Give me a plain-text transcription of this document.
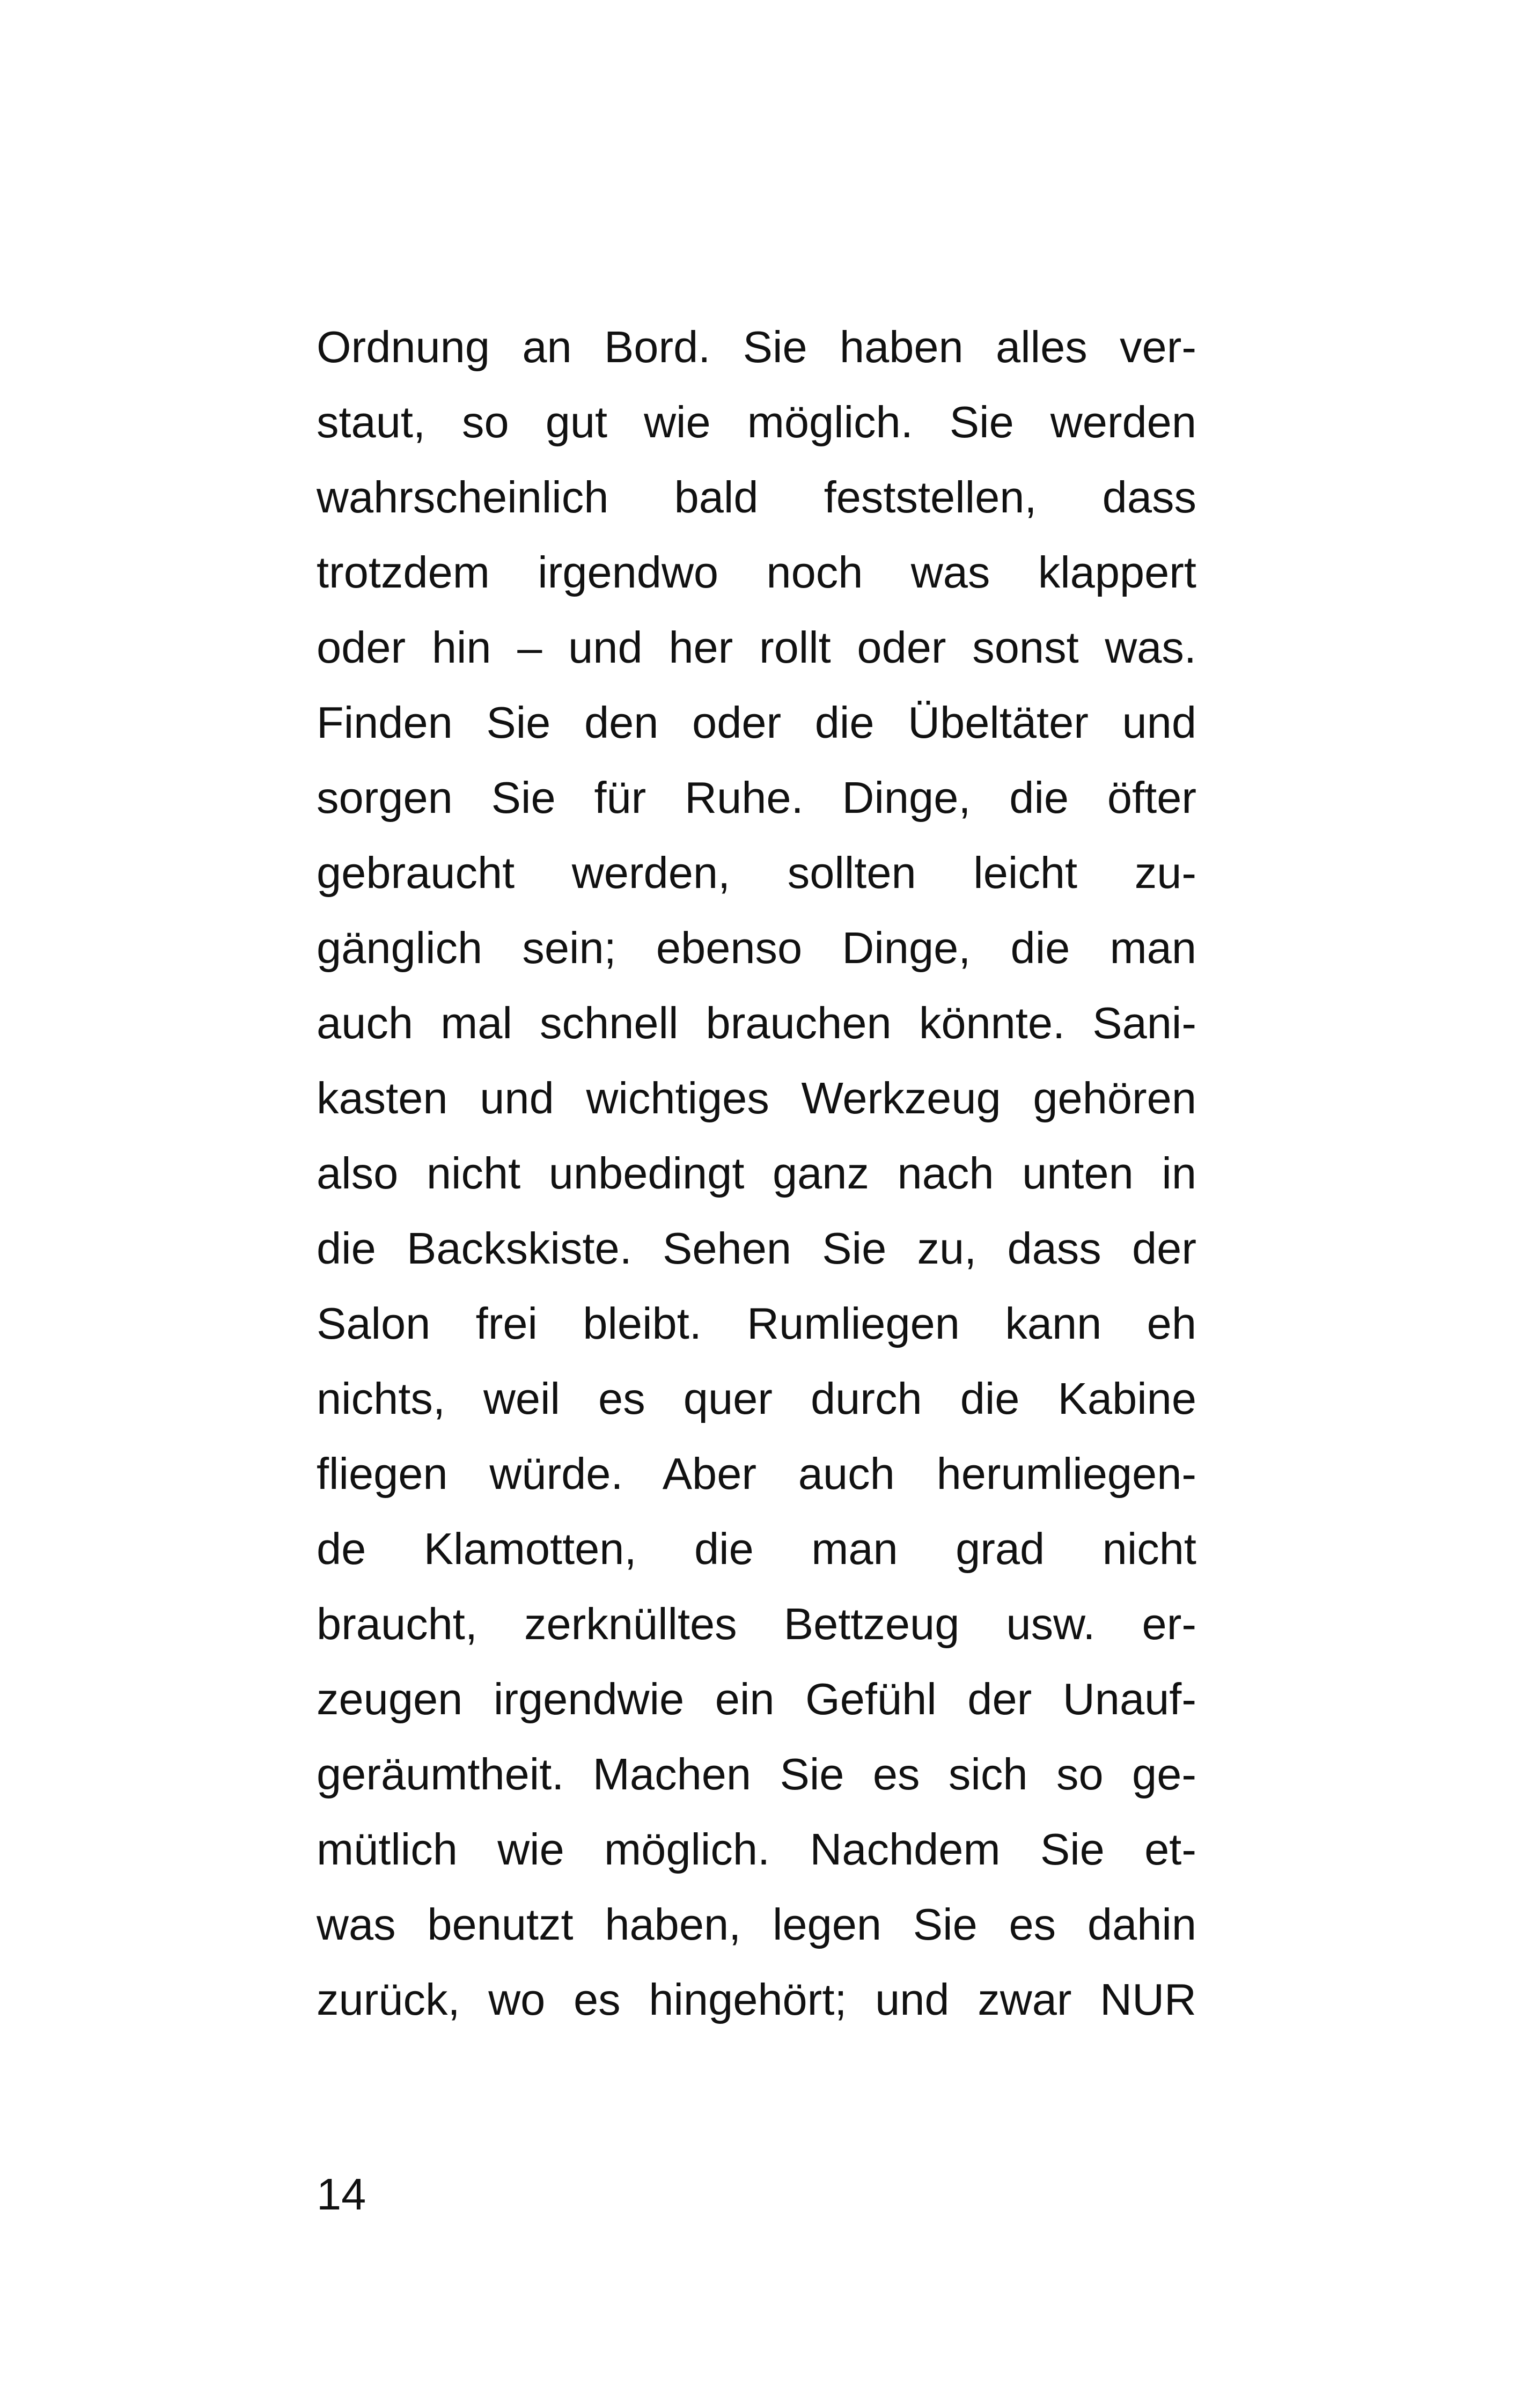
Ordnung an Bord. Sie haben alles ver-
staut, so gut wie möglich. Sie werden
wahrscheinlich bald feststellen, dass
trotzdem irgendwo noch was klappert
oder hin – und her rollt oder sonst was.
Finden Sie den oder die Übeltäter und
sorgen Sie für Ruhe. Dinge, die öfter
gebraucht werden, sollten leicht zu-
gänglich sein; ebenso Dinge, die man
auch mal schnell brauchen könnte. Sani-
kasten und wichtiges Werkzeug gehören
also nicht unbedingt ganz nach unten in
die Backskiste. Sehen Sie zu, dass der
Salon frei bleibt. Rumliegen kann eh
nichts, weil es quer durch die Kabine
fliegen würde. Aber auch herumliegen-
de Klamotten, die man grad nicht
braucht, zerknülltes Bettzeug usw. er-
zeugen irgendwie ein Gefühl der Unauf-
geräumtheit. Machen Sie es sich so ge-
mütlich wie möglich. Nachdem Sie et-
was benutzt haben, legen Sie es dahin
zurück, wo es hingehört; und zwar NUR
14
